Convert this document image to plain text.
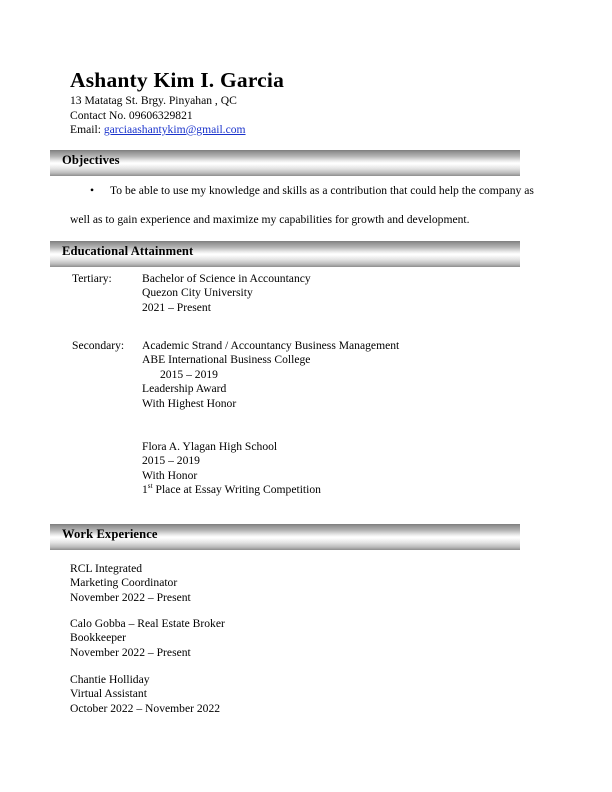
Ashanty Kim I. Garcia
13 Matatag St. Brgy. Pinyahan , QC
Contact No. 09606329821
Email: garciaashantykim@gmail.com
Objectives
• To be able to use my knowledge and skills as a contribution that could help the company as
well as to gain experience and maximize my capabilities for growth and development.
Educational Attainment
Tertiary:	Bachelor of Science in Accountancy
Quezon City University
2021 – Present
Secondary: Academic Strand / Accountancy Business Management
ABE International Business College
2015 – 2019
Leadership Award
With Highest Honor
Flora A. Ylagan High School
2015 – 2019
With Honor
1st Place at Essay Writing Competition
Work Experience
RCL Integrated
Marketing Coordinator
November 2022 – Present
Calo Gobba – Real Estate Broker
Bookkeeper
November 2022 – Present
Chantie Holliday
Virtual Assistant
October 2022 – November 2022
